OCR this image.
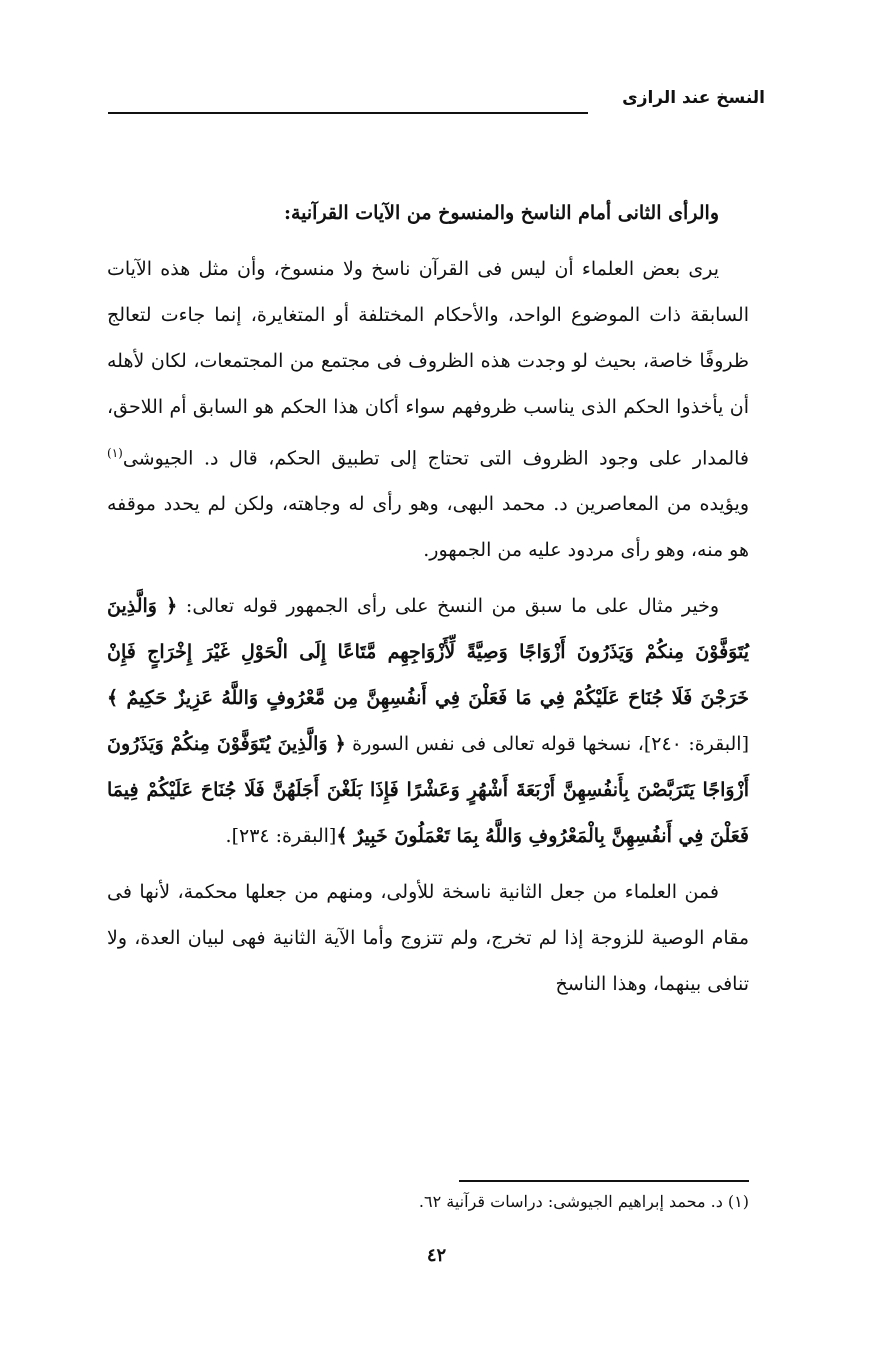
النسخ عند الرازى

والرأى الثانى أمام الناسخ والمنسوخ من الآيات القرآنية:

يرى بعض العلماء أن ليس فى القرآن ناسخ ولا منسوخ، وأن مثل هذه الآيات السابقة ذات الموضوع الواحد، والأحكام المختلفة أو المتغايرة، إنما جاءت لتعالج ظروفًا خاصة، بحيث لو وجدت هذه الظروف فى مجتمع من المجتمعات، لكان لأهله أن يأخذوا الحكم الذى يناسب ظروفهم سواء أكان هذا الحكم هو السابق أم اللاحق، فالمدار على وجود الظروف التى تحتاج إلى تطبيق الحكم، قال د. الجيوشى$^{(١)}$ ويؤيده من المعاصرين د. محمد البهى، وهو رأى له وجاهته، ولكن لم يحدد موقفه هو منه، وهو رأى مردود عليه من الجمهور.

وخير مثال على ما سبق من النسخ على رأى الجمهور قوله تعالى: ﴿ وَالَّذِينَ يُتَوَفَّوْنَ مِنكُمْ وَيَذَرُونَ أَزْوَاجًا وَصِيَّةً لِّأَزْوَاجِهِم مَّتَاعًا إِلَى الْحَوْلِ غَيْرَ إِخْرَاجٍ فَإِنْ خَرَجْنَ فَلَا جُنَاحَ عَلَيْكُمْ فِي مَا فَعَلْنَ فِي أَنفُسِهِنَّ مِن مَّعْرُوفٍ وَاللَّهُ عَزِيزٌ حَكِيمٌ ﴾[البقرة: ٢٤٠]، نسخها قوله تعالى فى نفس السورة ﴿ وَالَّذِينَ يُتَوَفَّوْنَ مِنكُمْ وَيَذَرُونَ أَزْوَاجًا يَتَرَبَّصْنَ بِأَنفُسِهِنَّ أَرْبَعَةَ أَشْهُرٍ وَعَشْرًا فَإِذَا بَلَغْنَ أَجَلَهُنَّ فَلَا جُنَاحَ عَلَيْكُمْ فِيمَا فَعَلْنَ فِي أَنفُسِهِنَّ بِالْمَعْرُوفِ وَاللَّهُ بِمَا تَعْمَلُونَ خَبِيرٌ ﴾[البقرة: ٢٣٤].

فمن العلماء من جعل الثانية ناسخة للأولى، ومنهم من جعلها محكمة، لأنها فى مقام الوصية للزوجة إذا لم تخرج، ولم تتزوج وأما الآية الثانية فهى لبيان العدة، ولا تنافى بينهما، وهذا الناسخ

(١) د. محمد إبراهيم الجيوشى: دراسات قرآنية ٦٢.
٤٢
